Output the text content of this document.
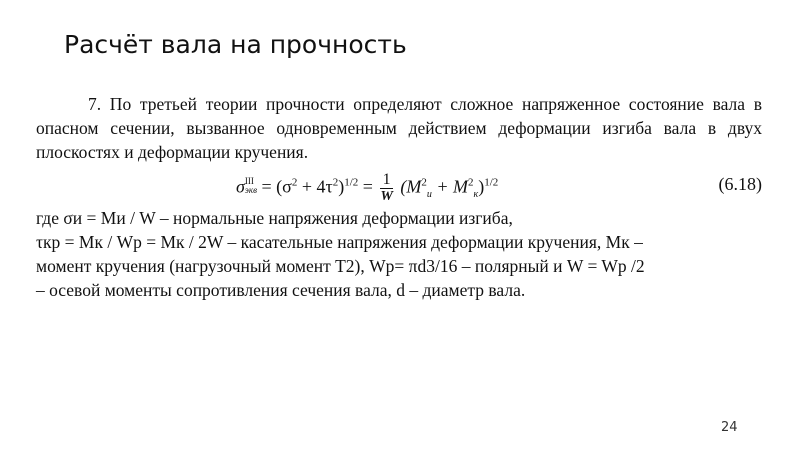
Расчёт вала на прочность

7. По третьей теории прочности определяют сложное напряженное состояние вала в опасном сечении, вызванное одновременным действием деформации изгиба вала в двух плоскостях и деформации кручения.

σ III
экв = $(\sigma^2 + 4\tau^2)^{1/2} = \frac{1}{W} (M^2_и + M^2_к)^{1/2}$	(6.18)

где σи = Mи / W – нормальные напряжения деформации изгиба,

τкр = Mк / Wр = Mк / 2W – касательные напряжения деформации кручения, Mк –

момент кручения (нагрузочный момент T2), Wр= πd3/16 – полярный и W = Wр /2

– осевой моменты сопротивления сечения вала, d – диаметр вала.

24
